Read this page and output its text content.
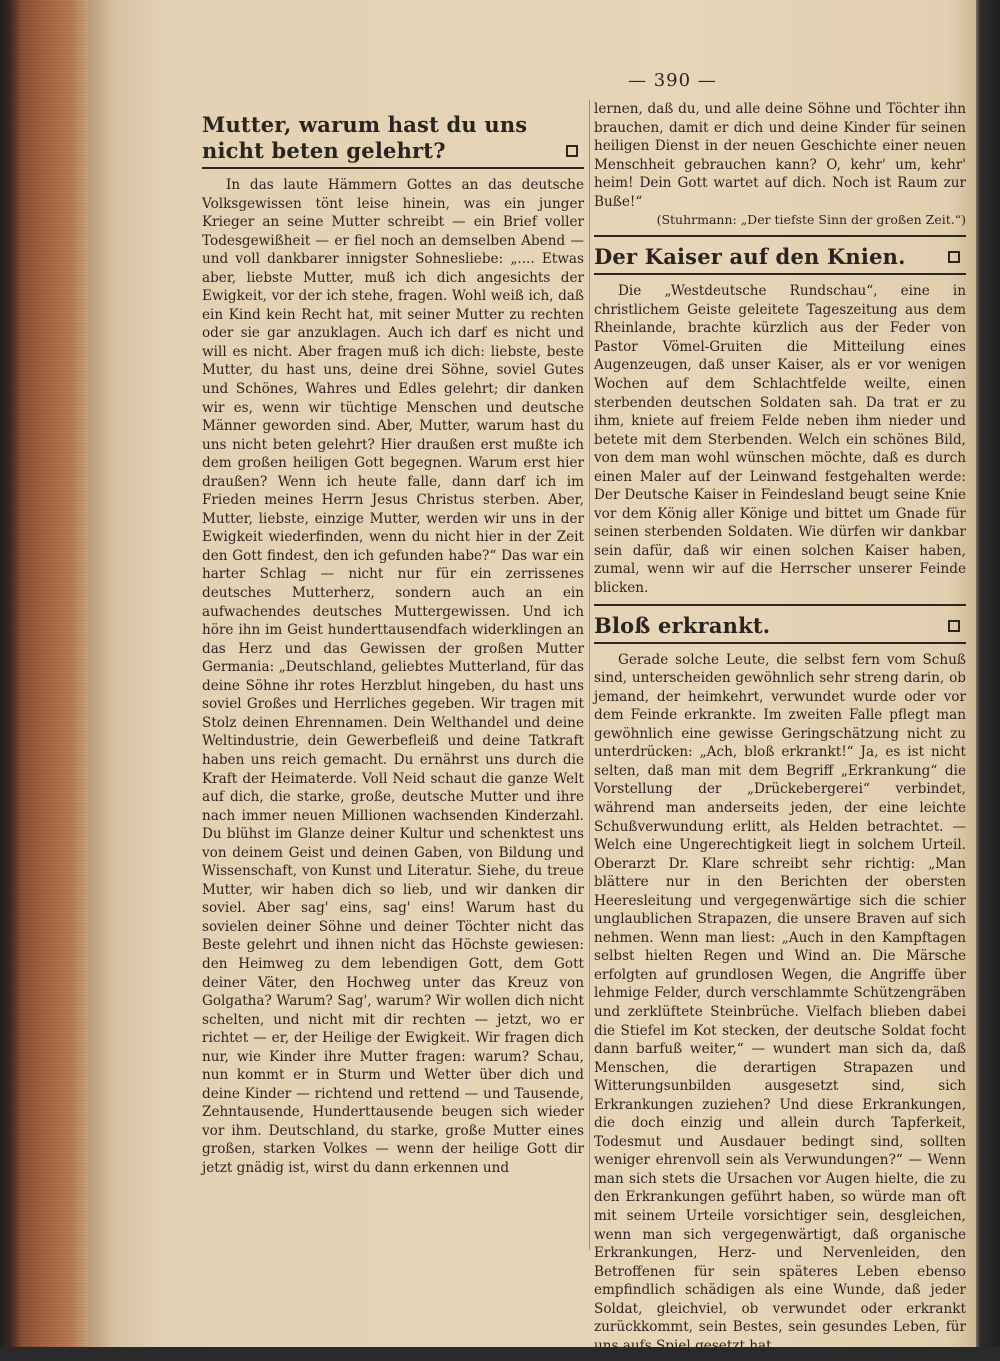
— 390 —
Mutter, warum hast du uns nicht beten gelehrt?

In das laute Hämmern Gottes an das deutsche Volksgewissen tönt leise hinein, was ein junger Krieger an seine Mutter schreibt — ein Brief voller Todesgewißheit — er fiel noch an demselben Abend — und voll dankbarer innigster Sohnesliebe: „.... Etwas aber, liebste Mutter, muß ich dich angesichts der Ewigkeit, vor der ich stehe, fragen. Wohl weiß ich, daß ein Kind kein Recht hat, mit seiner Mutter zu rechten oder sie gar anzuklagen. Auch ich darf es nicht und will es nicht. Aber fragen muß ich dich: liebste, beste Mutter, du hast uns, deine drei Söhne, soviel Gutes und Schönes, Wahres und Edles gelehrt; dir danken wir es, wenn wir tüchtige Menschen und deutsche Männer geworden sind. Aber, Mutter, warum hast du uns nicht beten gelehrt? Hier draußen erst mußte ich dem großen heiligen Gott begegnen. Warum erst hier draußen? Wenn ich heute falle, dann darf ich im Frieden meines Herrn Jesus Christus sterben. Aber, Mutter, liebste, einzige Mutter, werden wir uns in der Ewigkeit wiederfinden, wenn du nicht hier in der Zeit den Gott findest, den ich gefunden habe?“ Das war ein harter Schlag — nicht nur für ein zerrissenes deutsches Mutterherz, sondern auch an ein aufwachendes deutsches Muttergewissen. Und ich höre ihn im Geist hunderttausendfach widerklingen an das Herz und das Gewissen der großen Mutter Germania: „Deutschland, geliebtes Mutterland, für das deine Söhne ihr rotes Herzblut hingeben, du hast uns soviel Großes und Herrliches gegeben. Wir tragen mit Stolz deinen Ehrennamen. Dein Welthandel und deine Weltindustrie, dein Gewerbefleiß und deine Tatkraft haben uns reich gemacht. Du ernährst uns durch die Kraft der Heimaterde. Voll Neid schaut die ganze Welt auf dich, die starke, große, deutsche Mutter und ihre nach immer neuen Millionen wachsenden Kinderzahl. Du blühst im Glanze deiner Kultur und schenktest uns von deinem Geist und deinen Gaben, von Bildung und Wissenschaft, von Kunst und Literatur. Siehe, du treue Mutter, wir haben dich so lieb, und wir danken dir soviel. Aber sag' eins, sag' eins! Warum hast du sovielen deiner Söhne und deiner Töchter nicht das Beste gelehrt und ihnen nicht das Höchste gewiesen: den Heimweg zu dem lebendigen Gott, dem Gott deiner Väter, den Hochweg unter das Kreuz von Golgatha? Warum? Sag', warum? Wir wollen dich nicht schelten, und nicht mit dir rechten — jetzt, wo er richtet — er, der Heilige der Ewigkeit. Wir fragen dich nur, wie Kinder ihre Mutter fragen: warum? Schau, nun kommt er in Sturm und Wetter über dich und deine Kinder — richtend und rettend — und Tausende, Zehntausende, Hunderttausende beugen sich wieder vor ihm. Deutschland, du starke, große Mutter eines großen, starken Volkes — wenn der heilige Gott dir jetzt gnädig ist, wirst du dann erkennen und

lernen, daß du, und alle deine Söhne und Töchter ihn brauchen, damit er dich und deine Kinder für seinen heiligen Dienst in der neuen Geschichte einer neuen Menschheit gebrauchen kann? O, kehr' um, kehr' heim! Dein Gott wartet auf dich. Noch ist Raum zur Buße!“

(Stuhrmann: „Der tiefste Sinn der großen Zeit.“)

Der Kaiser auf den Knien.

Die „Westdeutsche Rundschau“, eine in christlichem Geiste geleitete Tageszeitung aus dem Rheinlande, brachte kürzlich aus der Feder von Pastor Vömel-Gruiten die Mitteilung eines Augenzeugen, daß unser Kaiser, als er vor wenigen Wochen auf dem Schlachtfelde weilte, einen sterbenden deutschen Soldaten sah. Da trat er zu ihm, kniete auf freiem Felde neben ihm nieder und betete mit dem Sterbenden. Welch ein schönes Bild, von dem man wohl wünschen möchte, daß es durch einen Maler auf der Leinwand festgehalten werde: Der Deutsche Kaiser in Feindesland beugt seine Knie vor dem König aller Könige und bittet um Gnade für seinen sterbenden Soldaten. Wie dürfen wir dankbar sein dafür, daß wir einen solchen Kaiser haben, zumal, wenn wir auf die Herrscher unserer Feinde blicken.

Bloß erkrankt.

Gerade solche Leute, die selbst fern vom Schuß sind, unterscheiden gewöhnlich sehr streng darin, ob jemand, der heimkehrt, verwundet wurde oder vor dem Feinde erkrankte. Im zweiten Falle pflegt man gewöhnlich eine gewisse Geringschätzung nicht zu unterdrücken: „Ach, bloß erkrankt!“ Ja, es ist nicht selten, daß man mit dem Begriff „Erkrankung“ die Vorstellung der „Drückebergerei“ verbindet, während man anderseits jeden, der eine leichte Schußverwundung erlitt, als Helden betrachtet. — Welch eine Ungerechtigkeit liegt in solchem Urteil. Oberarzt Dr. Klare schreibt sehr richtig: „Man blättere nur in den Berichten der obersten Heeresleitung und vergegenwärtige sich die schier unglaublichen Strapazen, die unsere Braven auf sich nehmen. Wenn man liest: „Auch in den Kampftagen selbst hielten Regen und Wind an. Die Märsche erfolgten auf grundlosen Wegen, die Angriffe über lehmige Felder, durch verschlammte Schützengräben und zerklüftete Steinbrüche. Vielfach blieben dabei die Stiefel im Kot stecken, der deutsche Soldat focht dann barfuß weiter,“ — wundert man sich da, daß Menschen, die derartigen Strapazen und Witterungsunbilden ausgesetzt sind, sich Erkrankungen zuziehen? Und diese Erkrankungen, die doch einzig und allein durch Tapferkeit, Todesmut und Ausdauer bedingt sind, sollten weniger ehrenvoll sein als Verwundungen?“ — Wenn man sich stets die Ursachen vor Augen hielte, die zu den Erkrankungen geführt haben, so würde man oft mit seinem Urteile vorsichtiger sein, desgleichen, wenn man sich vergegenwärtigt, daß organische Erkrankungen, Herz- und Nervenleiden, den Betroffenen für sein späteres Leben ebenso empfindlich schädigen als eine Wunde, daß jeder Soldat, gleichviel, ob verwundet oder erkrankt zurückkommt, sein Bestes, sein gesundes Leben, für uns aufs Spiel gesetzt hat.
